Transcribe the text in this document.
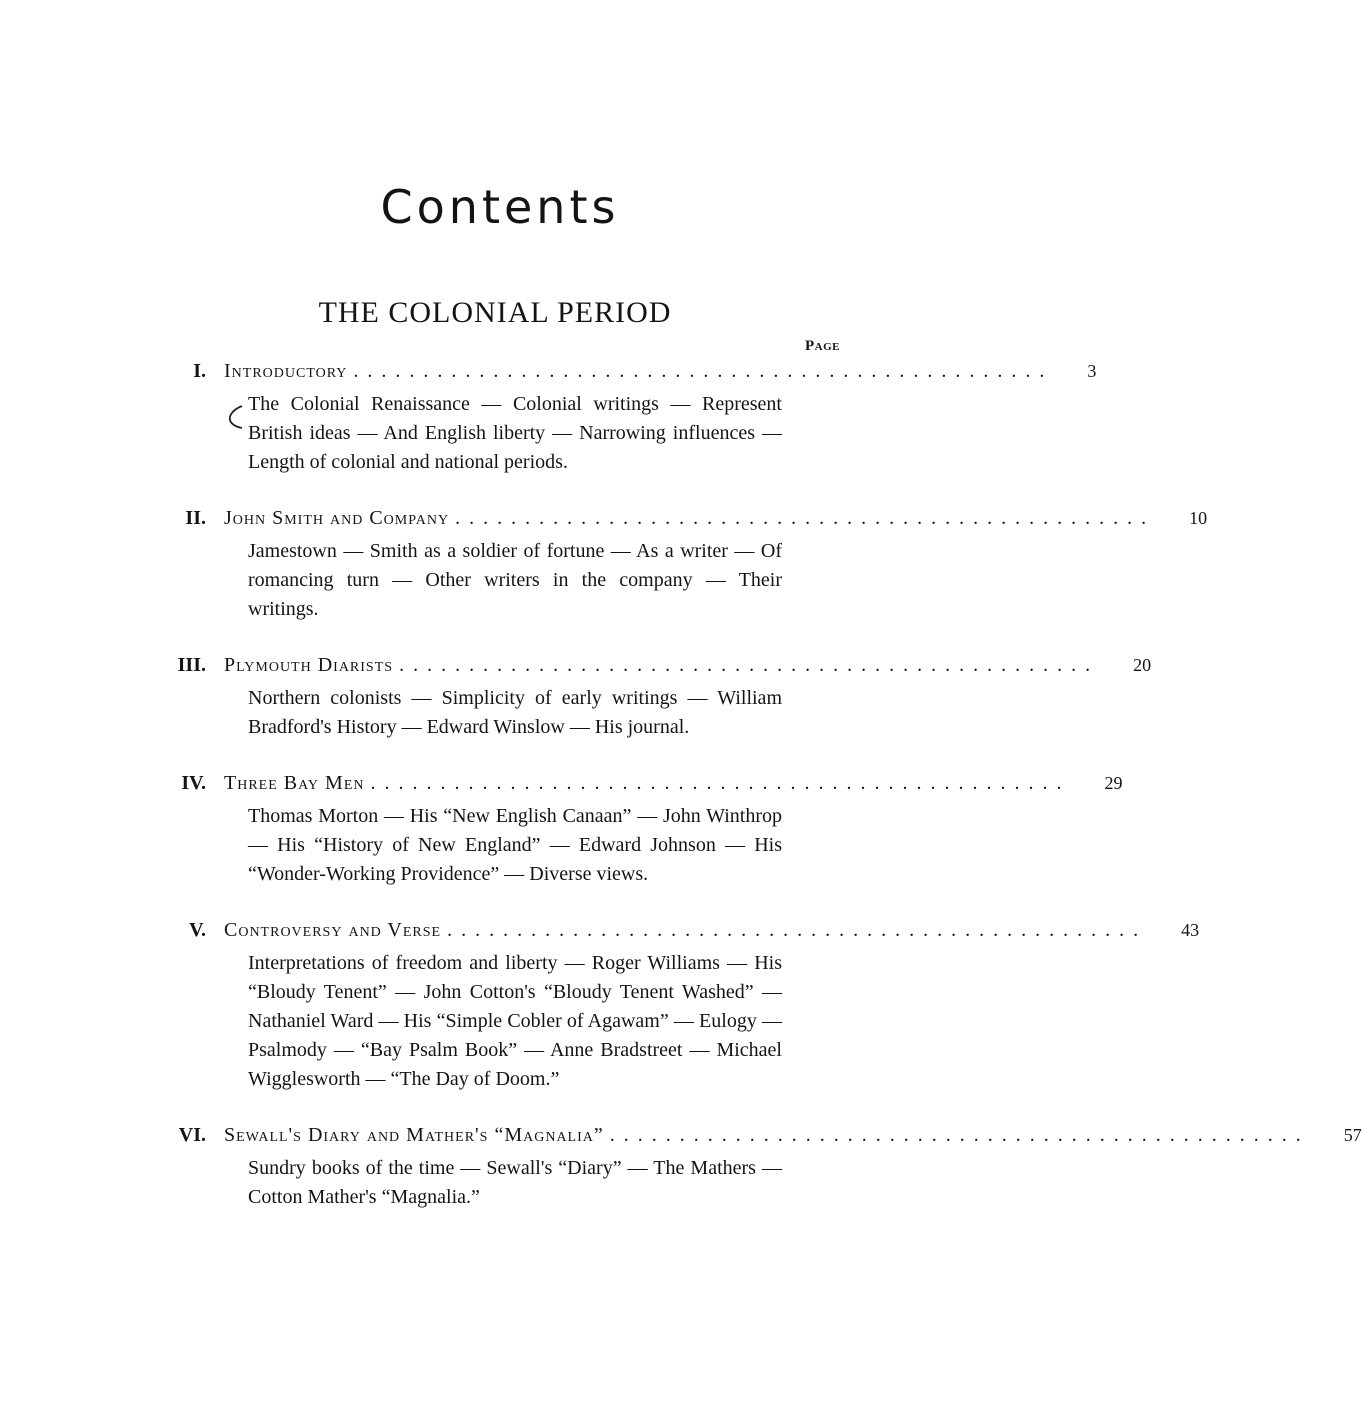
Contents
THE COLONIAL PERIOD
Page
I. Introductory .................................................. 3
The Colonial Renaissance — Colonial writings — Represent British ideas — And English liberty — Narrowing influences — Length of colonial and national periods.
II. John Smith and Company .................................................. 10
Jamestown — Smith as a soldier of fortune — As a writer — Of romancing turn — Other writers in the company — Their writings.
III. Plymouth Diarists .................................................. 20
Northern colonists — Simplicity of early writings — William Bradford's History — Edward Winslow — His journal.
IV. Three Bay Men .................................................. 29
Thomas Morton — His “New English Canaan” — John Winthrop — His “History of New England” — Edward Johnson — His “Wonder-Working Providence” — Diverse views.
V. Controversy and Verse .................................................. 43
Interpretations of freedom and liberty — Roger Williams — His “Bloudy Tenent” — John Cotton's “Bloudy Tenent Washed” — Nathaniel Ward — His “Simple Cobler of Agawam” — Eulogy — Psalmody — “Bay Psalm Book” — Anne Bradstreet — Michael Wigglesworth — “The Day of Doom.”
VI. Sewall's Diary and Mather's “Magnalia” .................................................. 57
Sundry books of the time — Sewall's “Diary” — The Mathers — Cotton Mather's “Magnalia.”
